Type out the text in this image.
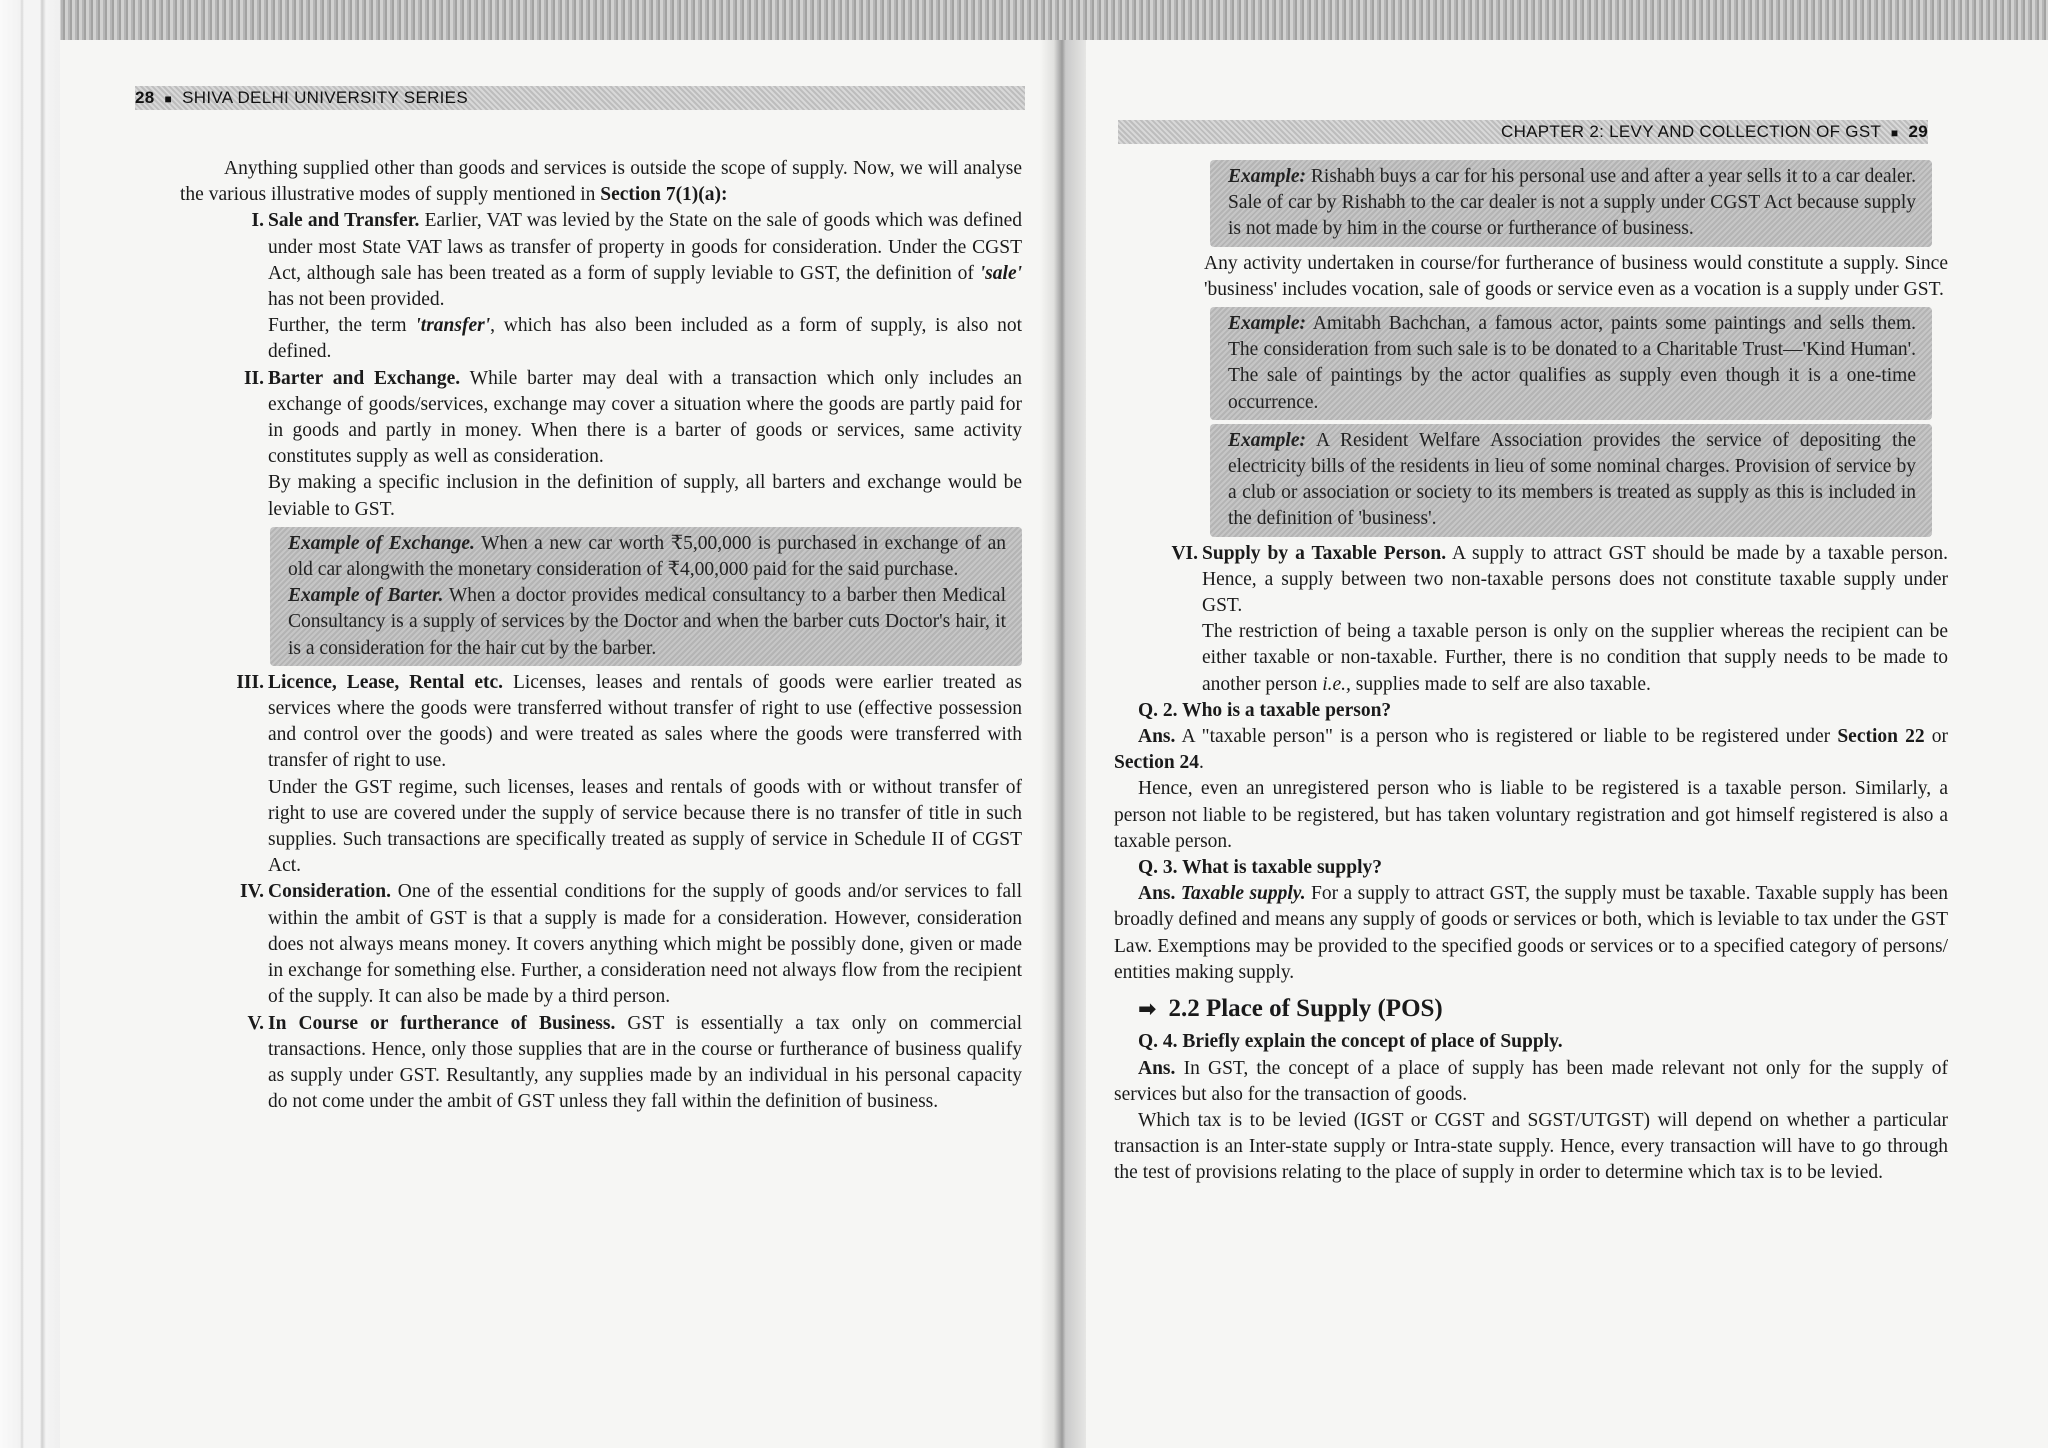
28 ■ SHIVA DELHI UNIVERSITY SERIES
CHAPTER 2: LEVY AND COLLECTION OF GST ■ 29

Anything supplied other than goods and services is outside the scope of supply. Now, we will analyse the various illustrative modes of supply mentioned in Section 7(1)(a):

I. Sale and Transfer. Earlier, VAT was levied by the State on the sale of goods which was defined under most State VAT laws as transfer of property in goods for consideration. Under the CGST Act, although sale has been treated as a form of supply leviable to GST, the definition of 'sale' has not been provided.

Further, the term 'transfer', which has also been included as a form of supply, is also not defined.

II. Barter and Exchange. While barter may deal with a transaction which only includes an exchange of goods/services, exchange may cover a situation where the goods are partly paid for in goods and partly in money. When there is a barter of goods or services, same activity constitutes supply as well as consideration.

By making a specific inclusion in the definition of supply, all barters and exchange would be leviable to GST.

Example of Exchange. When a new car worth ₹5,00,000 is purchased in exchange of an old car alongwith the monetary consideration of ₹4,00,000 paid for the said purchase.

Example of Barter. When a doctor provides medical consultancy to a barber then Medical Consultancy is a supply of services by the Doctor and when the barber cuts Doctor's hair, it is a consideration for the hair cut by the barber.

III. Licence, Lease, Rental etc. Licenses, leases and rentals of goods were earlier treated as services where the goods were transferred without transfer of right to use (effective possession and control over the goods) and were treated as sales where the goods were transferred with transfer of right to use.

Under the GST regime, such licenses, leases and rentals of goods with or without transfer of right to use are covered under the supply of service because there is no transfer of title in such supplies. Such transactions are specifically treated as supply of service in Schedule II of CGST Act.

IV. Consideration. One of the essential conditions for the supply of goods and/or services to fall within the ambit of GST is that a supply is made for a consideration. However, consideration does not always means money. It covers anything which might be possibly done, given or made in exchange for something else. Further, a consideration need not always flow from the recipient of the supply. It can also be made by a third person.

V. In Course or furtherance of Business. GST is essentially a tax only on commercial transactions. Hence, only those supplies that are in the course or furtherance of business qualify as supply under GST. Resultantly, any supplies made by an individual in his personal capacity do not come under the ambit of GST unless they fall within the definition of business.

Example: Rishabh buys a car for his personal use and after a year sells it to a car dealer. Sale of car by Rishabh to the car dealer is not a supply under CGST Act because supply is not made by him in the course or furtherance of business.

Any activity undertaken in course/for furtherance of business would constitute a supply. Since 'business' includes vocation, sale of goods or service even as a vocation is a supply under GST.

Example: Amitabh Bachchan, a famous actor, paints some paintings and sells them. The consideration from such sale is to be donated to a Charitable Trust—'Kind Human'. The sale of paintings by the actor qualifies as supply even though it is a one-time occurrence.

Example: A Resident Welfare Association provides the service of depositing the electricity bills of the residents in lieu of some nominal charges. Provision of service by a club or association or society to its members is treated as supply as this is included in the definition of 'business'.

VI. Supply by a Taxable Person. A supply to attract GST should be made by a taxable person. Hence, a supply between two non-taxable persons does not constitute taxable supply under GST.

The restriction of being a taxable person is only on the supplier whereas the recipient can be either taxable or non-taxable. Further, there is no condition that supply needs to be made to another person i.e., supplies made to self are also taxable.

Q. 2. Who is a taxable person?

Ans. A "taxable person" is a person who is registered or liable to be registered under Section 22 or Section 24.

Hence, even an unregistered person who is liable to be registered is a taxable person. Similarly, a person not liable to be registered, but has taken voluntary registration and got himself registered is also a taxable person.

Q. 3. What is taxable supply?

Ans. Taxable supply. For a supply to attract GST, the supply must be taxable. Taxable supply has been broadly defined and means any supply of goods or services or both, which is leviable to tax under the GST Law. Exemptions may be provided to the specified goods or services or to a specified category of persons/ entities making supply.

➡ 2.2 Place of Supply (POS)

Q. 4. Briefly explain the concept of place of Supply.

Ans. In GST, the concept of a place of supply has been made relevant not only for the supply of services but also for the transaction of goods.

Which tax is to be levied (IGST or CGST and SGST/UTGST) will depend on whether a particular transaction is an Inter-state supply or Intra-state supply. Hence, every transaction will have to go through the test of provisions relating to the place of supply in order to determine which tax is to be levied.
